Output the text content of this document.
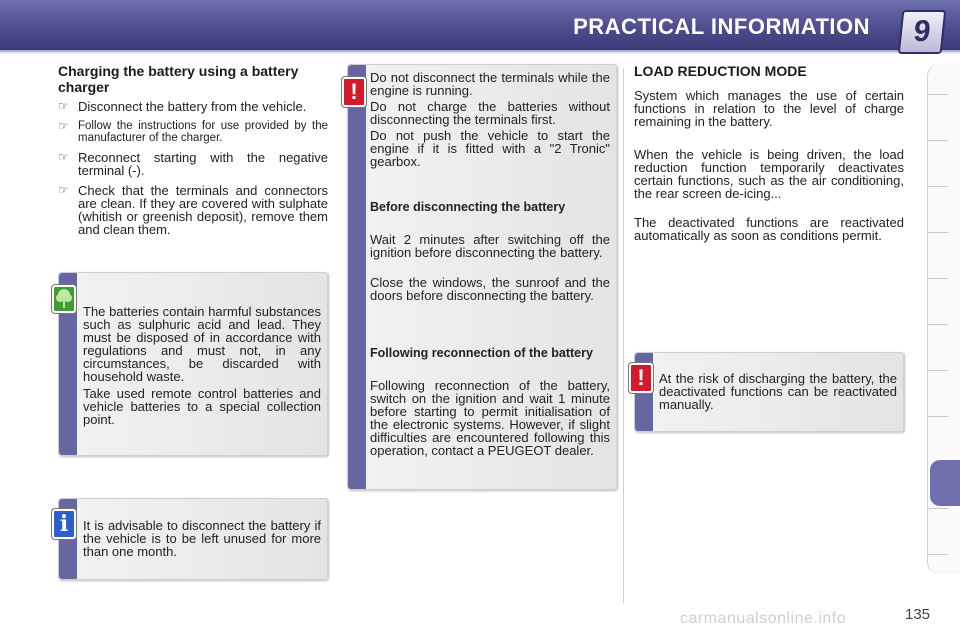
PRACTICAL INFORMATION	9
Charging the battery using a battery charger
☞ Disconnect the battery from the vehicle.
☞ Follow the instructions for use provided by the manufacturer of the charger.
☞ Reconnect starting with the negative terminal (-).
☞ Check that the terminals and connectors are clean. If they are covered with sulphate (whitish or greenish deposit), remove them and clean them.
The batteries contain harmful substances such as sulphuric acid and lead. They must be disposed of in accordance with regulations and must not, in any circumstances, be discarded with household waste.
Take used remote control batteries and vehicle batteries to a special collection point.
It is advisable to disconnect the battery if the vehicle is to be left unused for more than one month.
i
Do not disconnect the terminals while the engine is running.
Do not charge the batteries without disconnecting the terminals first.
Do not push the vehicle to start the engine if it is fitted with a "2 Tronic" gearbox.
Before disconnecting the battery
Wait 2 minutes after switching off the ignition before disconnecting the battery.
Close the windows, the sunroof and the doors before disconnecting the battery.
Following reconnection of the battery
Following reconnection of the battery, switch on the ignition and wait 1 minute before starting to permit initialisation of the electronic systems. However, if slight difficulties are encountered following this operation, contact a PEUGEOT dealer.
!
LOAD REDUCTION MODE
System which manages the use of certain functions in relation to the level of charge remaining in the battery.
When the vehicle is being driven, the load reduction function temporarily deactivates certain functions, such as the air conditioning, the rear screen de-icing...
The deactivated functions are reactivated automatically as soon as conditions permit.
At the risk of discharging the battery, the deactivated functions can be reactivated manually.
!
carmanualsonline.info	135
